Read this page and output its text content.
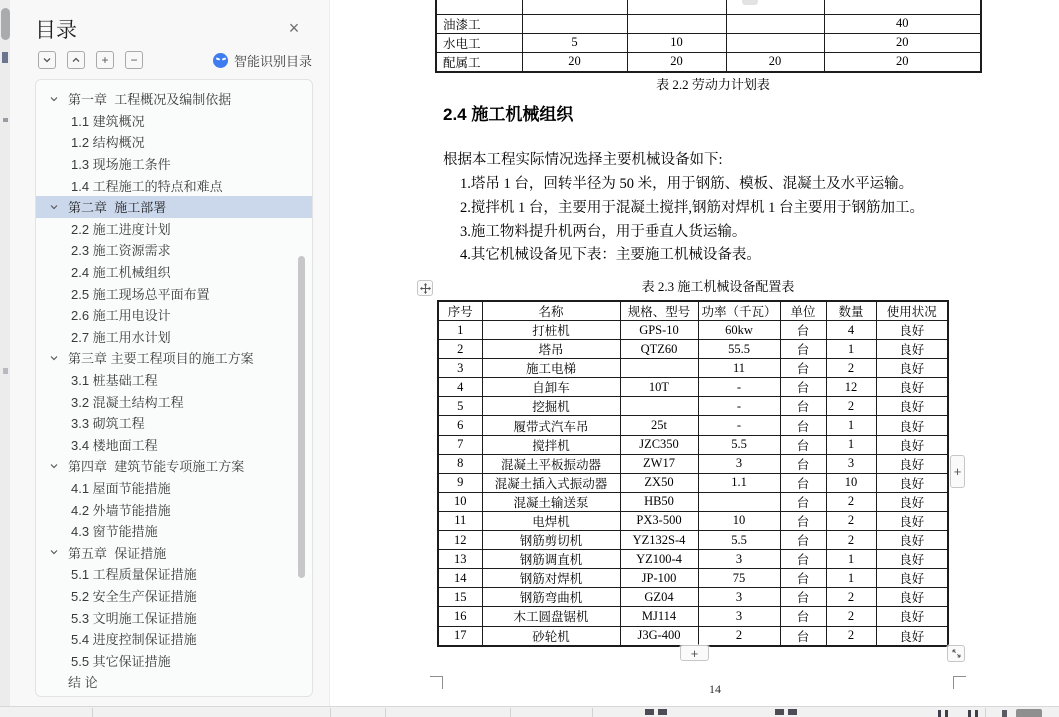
目录	×
+ −	智能识别目录
第一章  工程概况及编制依据
1.1 建筑概况
1.2 结构概况
1.3 现场施工条件
1.4 工程施工的特点和难点
第二章  施工部署
2.2 施工进度计划
2.3 施工资源需求
2.4 施工机械组织
2.5 施工现场总平面布置
2.6 施工用电设计
2.7 施工用水计划
第三章 主要工程项目的施工方案
3.1 桩基础工程
3.2 混凝土结构工程
3.3 砌筑工程
3.4 楼地面工程
第四章  建筑节能专项施工方案
4.1 屋面节能措施
4.2 外墙节能措施
4.3 窗节能措施
第五章  保证措施
5.1 工程质量保证措施
5.2 安全生产保证措施
5.3 文明施工保证措施
5.4 进度控制保证措施
5.5 其它保证措施
结 论

油漆工				40
水电工	5	10		20
配属工	20	20	20	20
表 2.2 劳动力计划表
2.4 施工机械组织
根据本工程实际情况选择主要机械设备如下:
1.塔吊 1 台，回转半径为 50 米，用于钢筋、模板、混凝土及水平运输。
2.搅拌机 1 台，主要用于混凝土搅拌,钢筋对焊机 1 台主要用于钢筋加工。
3.施工物料提升机两台，用于垂直人货运输。
4.其它机械设备见下表：主要施工机械设备表。
表 2.3 施工机械设备配置表
序号	名称	规格、型号	功率（千瓦）	单位	数量	使用状况
1	打桩机	GPS-10	60kw	台	4	良好
2	塔吊	QTZ60	55.5	台	1	良好
3	施工电梯		11	台	2	良好
4	自卸车	10T	-	台	12	良好
5	挖掘机		-	台	2	良好
6	履带式汽车吊	25t	-	台	1	良好
7	搅拌机	JZC350	5.5	台	1	良好
8	混凝土平板振动器	ZW17	3	台	3	良好
9	混凝土插入式振动器	ZX50	1.1	台	10	良好
10	混凝土输送泵	HB50		台	2	良好
11	电焊机	PX3-500	10	台	2	良好
12	钢筋剪切机	YZ132S-4	5.5	台	2	良好
13	钢筋调直机	YZ100-4	3	台	1	良好
14	钢筋对焊机	JP-100	75	台	1	良好
15	钢筋弯曲机	GZ04	3	台	2	良好
16	木工圆盘锯机	MJ114	3	台	2	良好
17	砂轮机	J3G-400	2	台	2	良好
+
+
14
